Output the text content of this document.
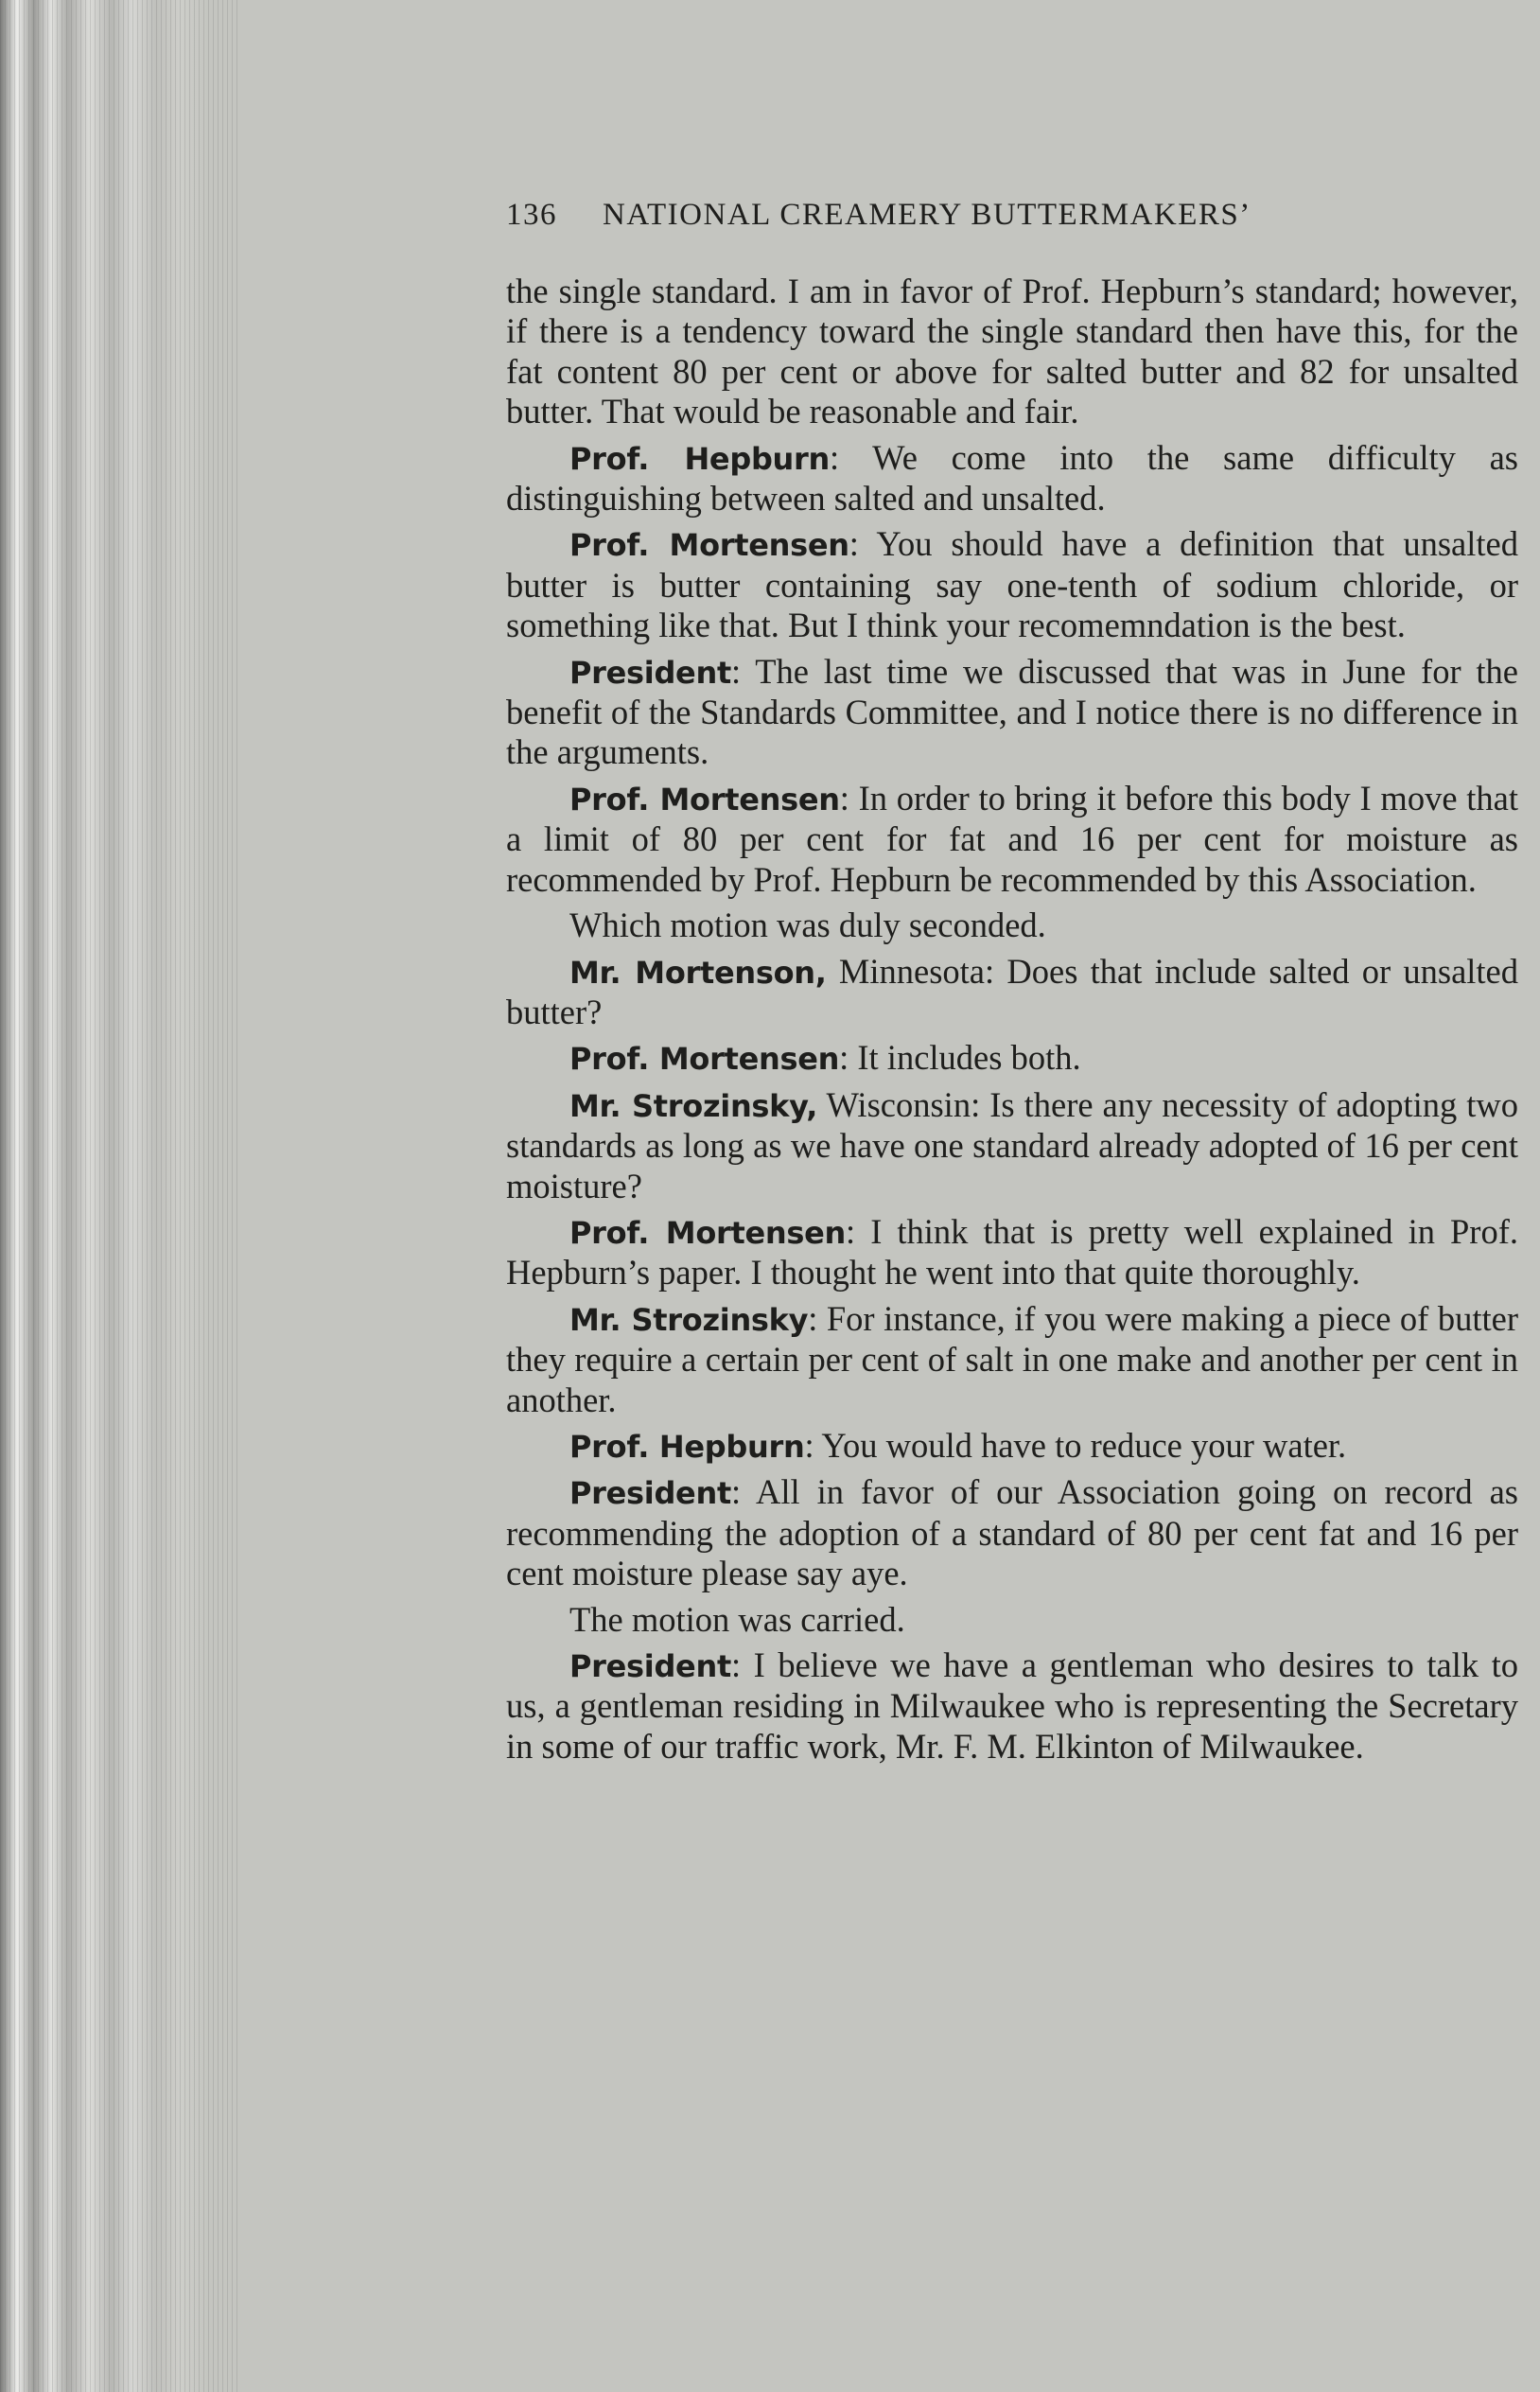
136 NATIONAL CREAMERY BUTTERMAKERS’

the single standard. I am in favor of Prof. Hepburn’s standard; however, if there is a tendency toward the single standard then have this, for the fat content 80 per cent or above for salted butter and 82 for unsalted butter. That would be reasonable and fair.

Prof. Hepburn: We come into the same difficulty as distinguishing between salted and unsalted.

Prof. Mortensen: You should have a definition that unsalted butter is butter containing say one-tenth of sodium chloride, or something like that. But I think your recomemndation is the best.

President: The last time we discussed that was in June for the benefit of the Standards Committee, and I notice there is no difference in the arguments.

Prof. Mortensen: In order to bring it before this body I move that a limit of 80 per cent for fat and 16 per cent for moisture as recommended by Prof. Hepburn be recommended by this Association.

Which motion was duly seconded.

Mr. Mortenson, Minnesota: Does that include salted or unsalted butter?

Prof. Mortensen: It includes both.

Mr. Strozinsky, Wisconsin: Is there any necessity of adopting two standards as long as we have one standard already adopted of 16 per cent moisture?

Prof. Mortensen: I think that is pretty well explained in Prof. Hepburn’s paper. I thought he went into that quite thoroughly.

Mr. Strozinsky: For instance, if you were making a piece of butter they require a certain per cent of salt in one make and another per cent in another.

Prof. Hepburn: You would have to reduce your water.

President: All in favor of our Association going on record as recommending the adoption of a standard of 80 per cent fat and 16 per cent moisture please say aye.

The motion was carried.

President: I believe we have a gentleman who desires to talk to us, a gentleman residing in Milwaukee who is representing the Secretary in some of our traffic work, Mr. F. M. Elkinton of Milwaukee.
